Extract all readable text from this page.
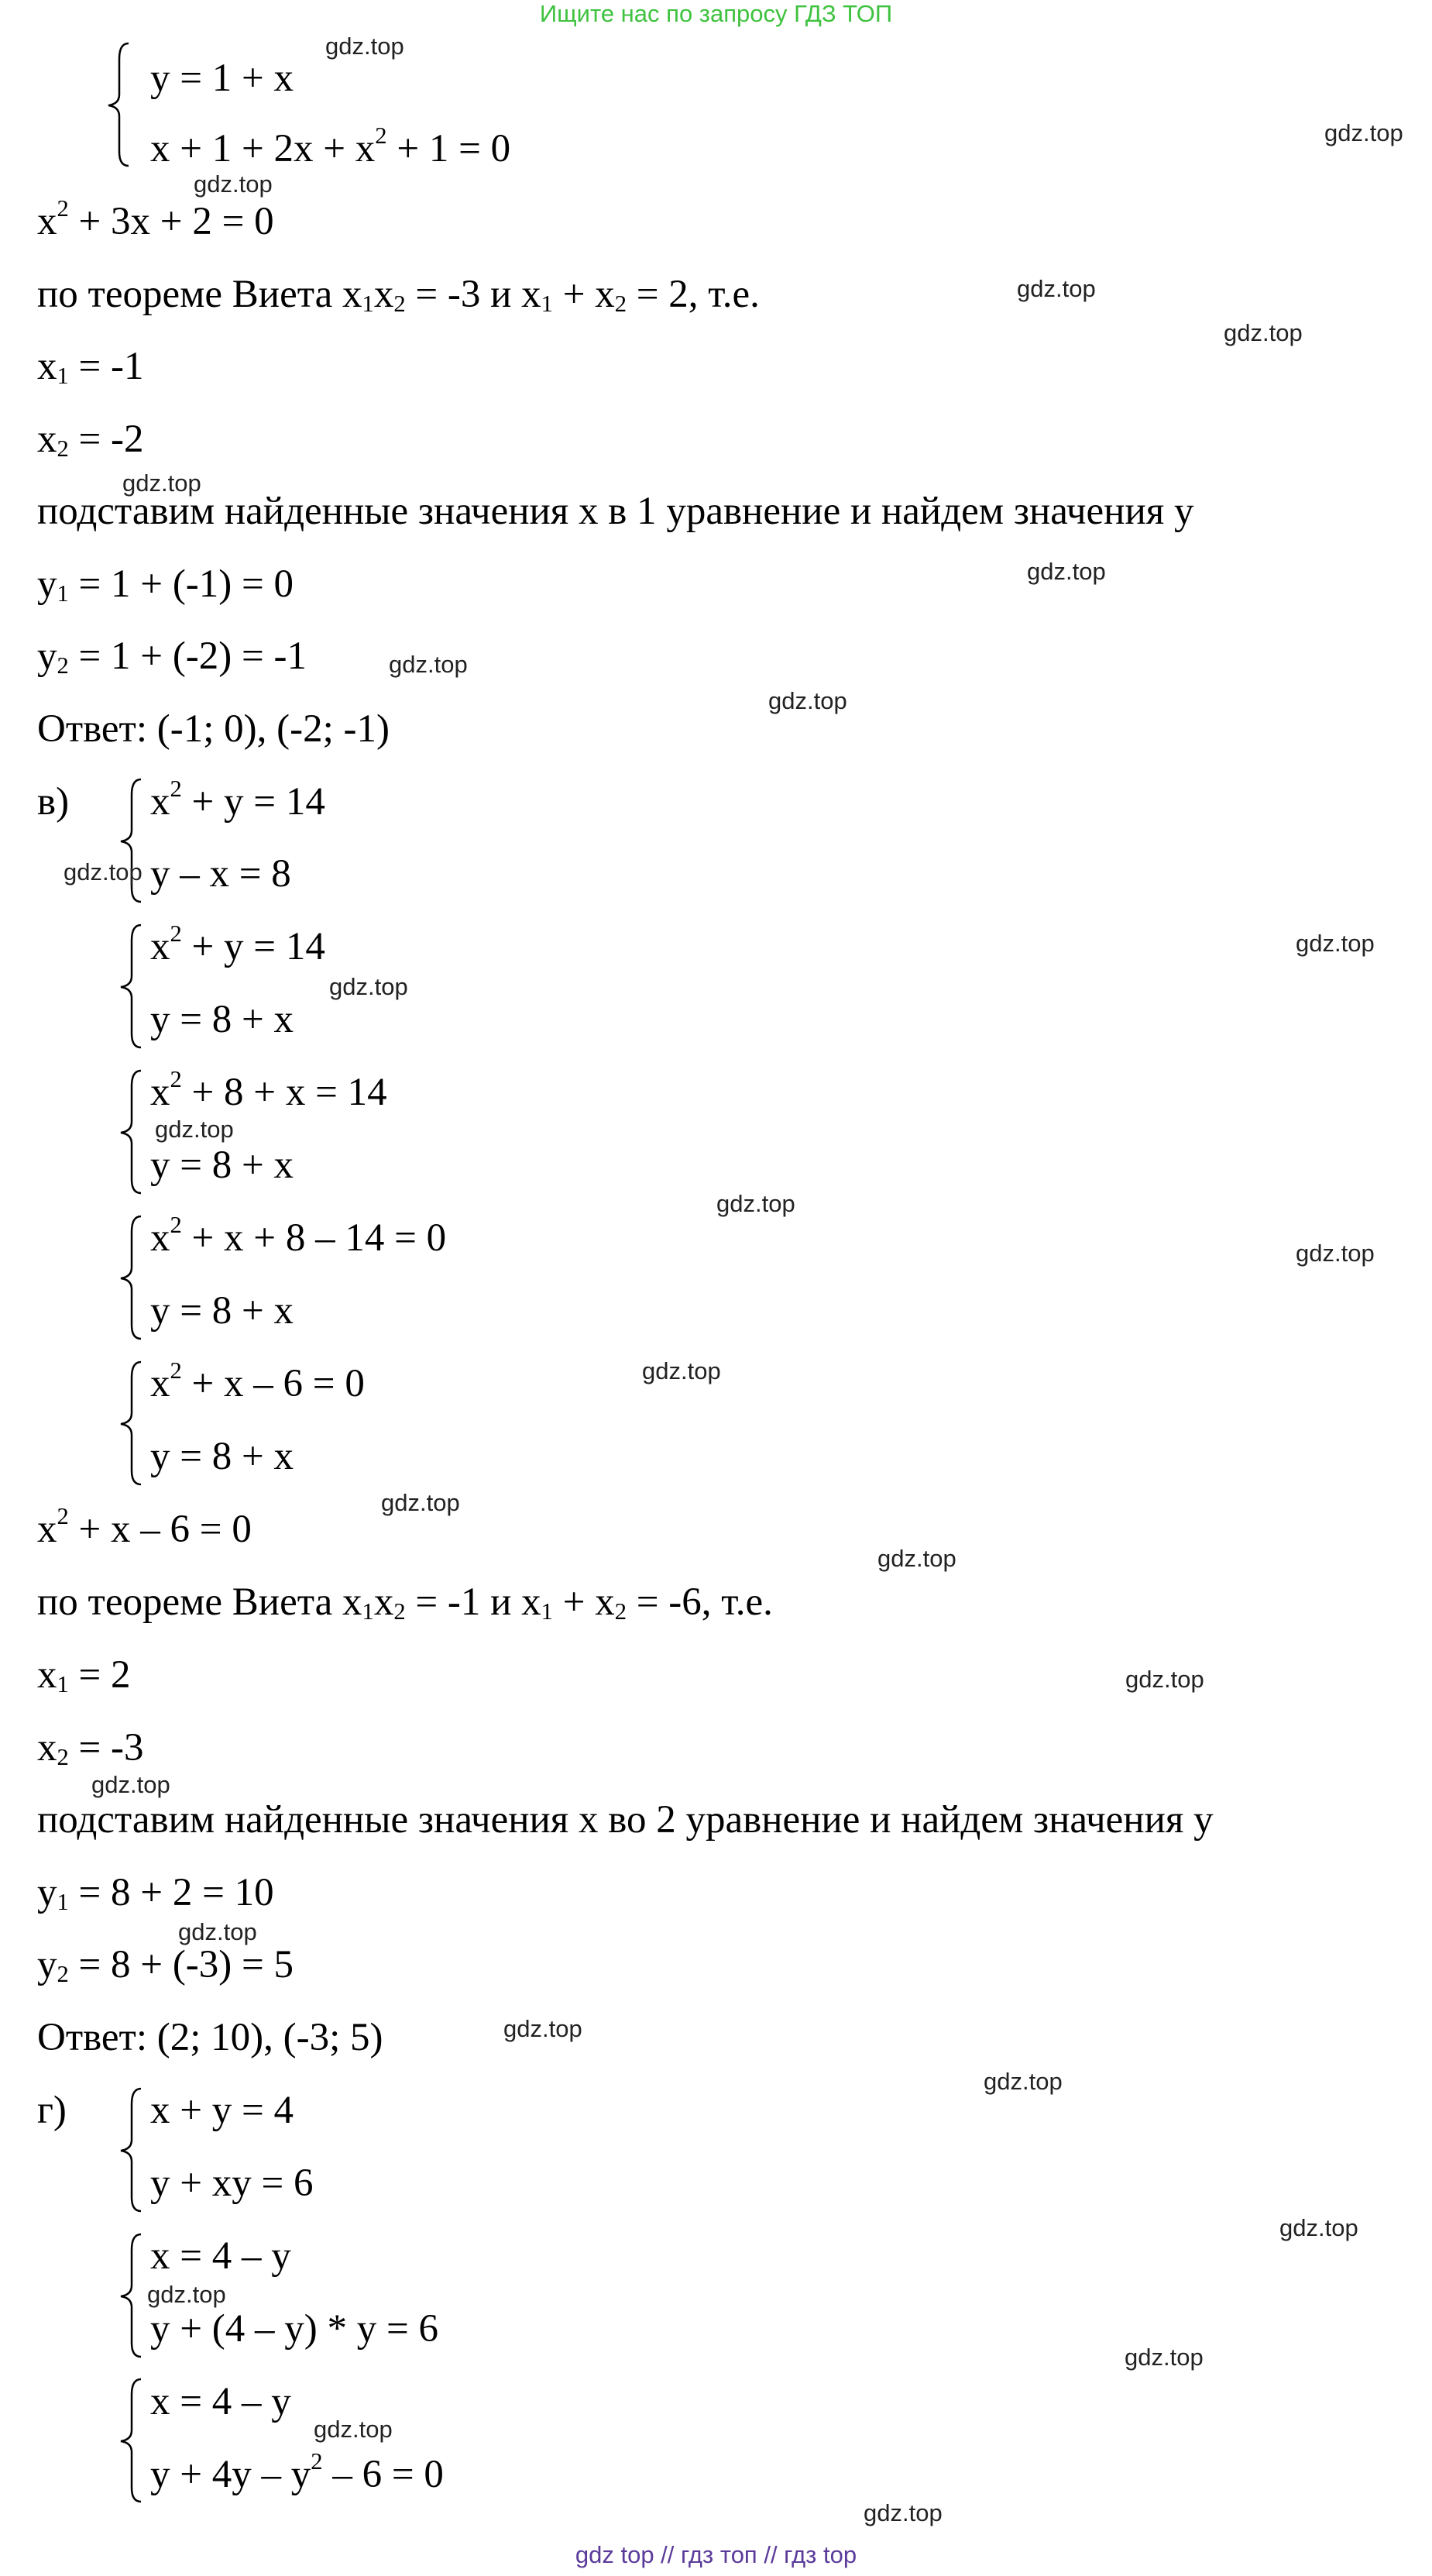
Ищите нас по запросу ГДЗ ТОП
y = 1 + x
$x + 1 + 2x + x^2 + 1 = 0$
$x^2 + 3x + 2 = 0$
по теореме Виета $x_1x_2 = -3$ и $x_1 + x_2 = 2$, т.е.
$x_1 = -1$
$x_2 = -2$
подставим найденные значения x в 1 уравнение и найдем значения y
$y_1 = 1 + (-1) = 0$
$y_2 = 1 + (-2) = -1$
Ответ: (-1; 0), (-2; -1)
в) $x^2 + y = 14$
y – x = 8
$x^2 + y = 14$
y = 8 + x
$x^2 + 8 + x = 14$
y = 8 + x
$x^2 + x + 8 - 14 = 0$
y = 8 + x
$x^2 + x - 6 = 0$
y = 8 + x
$x^2 + x - 6 = 0$
по теореме Виета $x_1x_2 = -1$ и $x_1 + x_2 = -6$, т.е.
$x_1 = 2$
$x_2 = -3$
подставим найденные значения x во 2 уравнение и найдем значения y
$y_1 = 8 + 2 = 10$
$y_2 = 8 + (-3) = 5$
Ответ: (2; 10), (-3; 5)
г) x + y = 4
y + xy = 6
x = 4 – y
y + (4 – y) * y = 6
x = 4 – y
$y + 4y - y^2 - 6 = 0$
gdz.top
gdz.top
gdz.top
gdz.top
gdz.top
gdz.top
gdz.top
gdz.top
gdz.top
gdz.top
gdz.top
gdz.top
gdz.top
gdz.top
gdz.top
gdz.top
gdz.top
gdz.top
gdz.top
gdz.top
gdz.top
gdz.top
gdz.top
gdz.top
gdz.top
gdz.top
gdz.top
gdz.top
gdz top // гдз топ // гдз top
